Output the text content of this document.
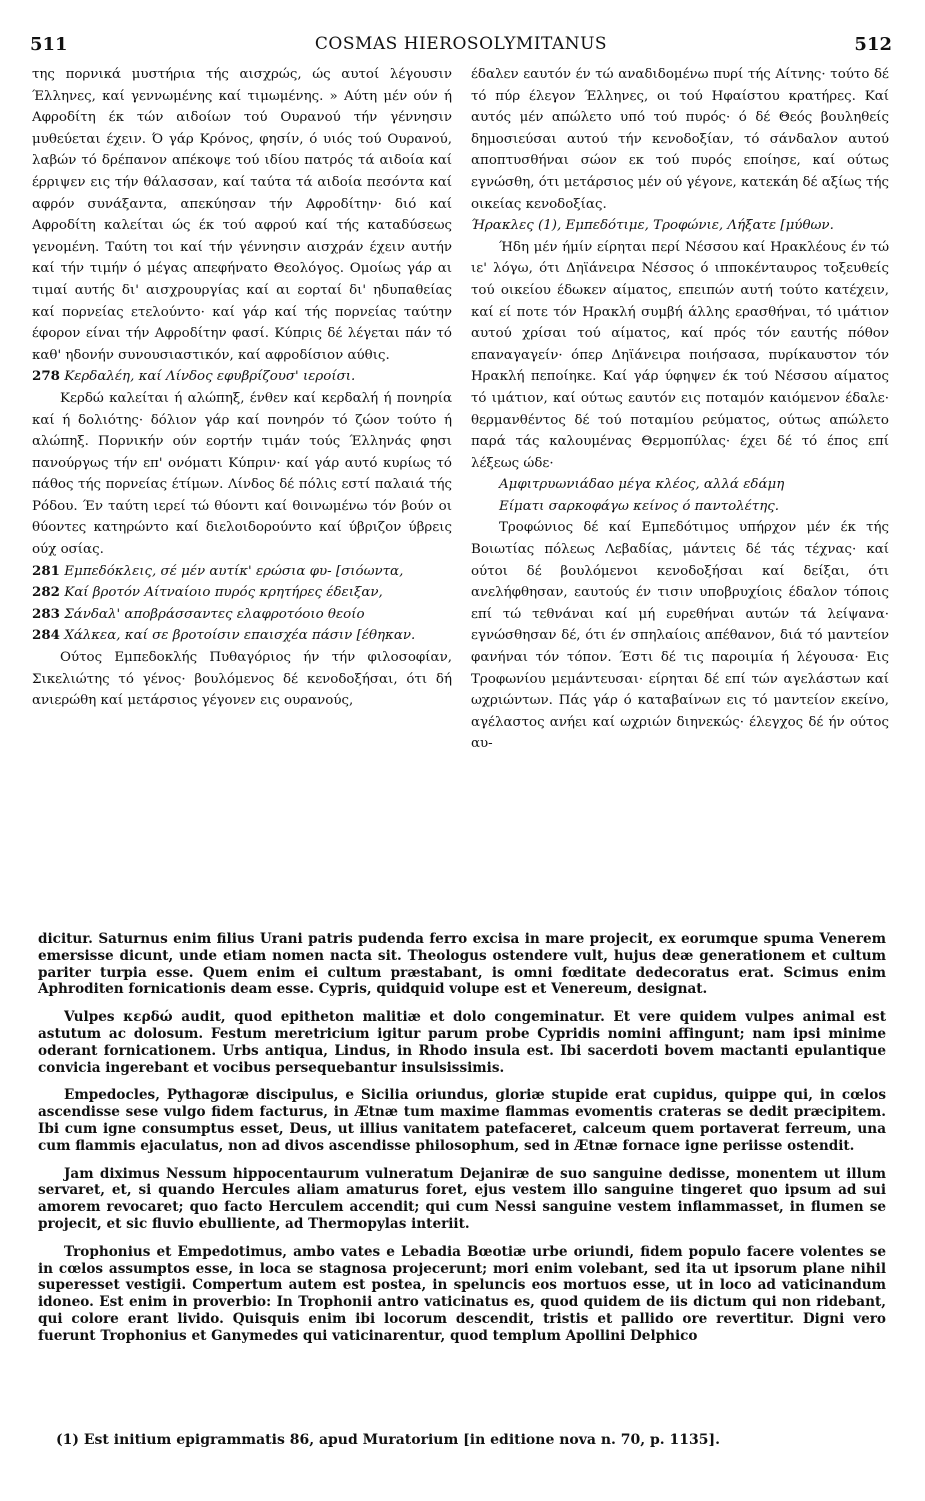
511	COSMAS HIEROSOLYMITANUS	512

της πορνικά μυστήρια τής αισχρώς, ώς αυτοί λέγουσιν Έλληνες, καί γεννωμένης καί τιμωμένης. » Αύτη μέν ούν ή Αφροδίτη έκ τών αιδοίων τού Ουρανού τήν γέννησιν μυθεύεται έχειν. Ό γάρ Κρόνος, φησίν, ό υιός τού Ουρανού, λαβών τό δρέπανον απέκοψε τού ιδίου πατρός τά αιδοία καί έρριψεν εις τήν θάλασσαν, καί ταύτα τά αιδοία πεσόντα καί αφρόν συνάξαντα, απεκύησαν τήν Αφροδίτην· διό καί Αφροδίτη καλείται ώς έκ τού αφρού καί τής καταδύσεως γενομένη. Ταύτη τοι καί τήν γέννησιν αισχράν έχειν αυτήν καί τήν τιμήν ό μέγας απεφήνατο Θεολόγος. Ομοίως γάρ αι τιμαί αυτής δι' αισχρουργίας καί αι εορταί δι' ηδυπαθείας καί πορνείας ετελούντο· καί γάρ καί τής πορνείας ταύτην έφορον είναι τήν Αφροδίτην φασί. Κύπρις δέ λέγεται πάν τό καθ' ηδονήν συνουσιαστικόν, καί αφροδίσιον αύθις.

278 Κερδαλέη, καί Λίνδος εφυβρίζουσ' ιεροίσι.

Κερδώ καλείται ή αλώπηξ, ένθεν καί κερδαλή ή πονηρία καί ή δολιότης· δόλιον γάρ καί πονηρόν τό ζώον τούτο ή αλώπηξ. Πορνικήν ούν εορτήν τιμάν τούς Έλληνάς φησι πανούργως τήν επ' ονόματι Κύπριν· καί γάρ αυτό κυρίως τό πάθος τής πορνείας έτίμων. Λίνδος δέ πόλις εστί παλαιά τής Ρόδου. Έν ταύτη ιερεί τώ θύοντι καί θοινωμένω τόν βούν οι θύοντες κατηρώντο καί διελοιδορούντο καί ύβριζον ύβρεις ούχ οσίας.

281 Εμπεδόκλεις, σέ μέν αυτίκ' ερώσια φυ- [σιόωντα,

282 Καί βροτόν Αίτναίοιο πυρός κρητήρες έδειξαν,

283 Σάνδαλ' αποβράσσαντες ελαφροτόοιο θεοίο

284 Χάλκεα, καί σε βροτοίσιν επαισχέα πάσιν [έθηκαν.

Ούτος Εμπεδοκλής Πυθαγόριος ήν τήν φιλοσοφίαν, Σικελιώτης τό γένος· βουλόμενος δέ κενοδοξήσαι, ότι δή ανιερώθη καί μετάρσιος γέγονεν εις ουρανούς,

έδαλεν εαυτόν έν τώ αναδιδομένω πυρί τής Αίτνης· τούτο δέ τό πύρ έλεγον Έλληνες, οι τού Ηφαίστου κρατήρες. Καί αυτός μέν απώλετο υπό τού πυρός· ό δέ Θεός βουληθείς δημοσιεύσαι αυτού τήν κενοδοξίαν, τό σάνδαλον αυτού αποπτυσθήναι σώον εκ τού πυρός εποίησε, καί ούτως εγνώσθη, ότι μετάρσιος μέν ού γέγονε, κατεκάη δέ αξίως τής οικείας κενοδοξίας.

Ήρακλες (1), Εμπεδότιμε, Τροφώνιε, Λήξατε [μύθων.

Ήδη μέν ήμίν είρηται περί Νέσσου καί Ηρακλέους έν τώ ιε' λόγω, ότι Δηϊάνειρα Νέσσος ό ιπποκένταυρος τοξευθείς τού οικείου έδωκεν αίματος, επειπών αυτή τούτο κατέχειν, καί εί ποτε τόν Ηρακλή συμβή άλλης ερασθήναι, τό ιμάτιον αυτού χρίσαι τού αίματος, καί πρός τόν εαυτής πόθον επαναγαγείν· όπερ Δηϊάνειρα ποιήσασα, πυρίκαυστον τόν Ηρακλή πεποίηκε. Καί γάρ ύφηψεν έκ τού Νέσσου αίματος τό ιμάτιον, καί ούτως εαυτόν εις ποταμόν καιόμενον έδαλε· θερμανθέντος δέ τού ποταμίου ρεύματος, ούτως απώλετο παρά τάς καλουμένας Θερμοπύλας· έχει δέ τό έπος επί λέξεως ώδε·

Αμφιτρυωνιάδαο μέγα κλέος, αλλά εδάμη

Είματι σαρκοφάγω κείνος ό παντολέτης.

Τροφώνιος δέ καί Εμπεδότιμος υπήρχον μέν έκ τής Βοιωτίας πόλεως Λεβαδίας, μάντεις δέ τάς τέχνας· καί ούτοι δέ βουλόμενοι κενοδοξήσαι καί δείξαι, ότι ανελήφθησαν, εαυτούς έν τισιν υποβρυχίοις έδαλον τόποις επί τώ τεθνάναι καί μή ευρεθήναι αυτών τά λείψανα· εγνώσθησαν δέ, ότι έν σπηλαίοις απέθανον, διά τό μαντείον φανήναι τόν τόπον. Έστι δέ τις παροιμία ή λέγουσα· Εις Τροφωνίου μεμάντευσαι· είρηται δέ επί τών αγελάστων καί ωχριώντων. Πάς γάρ ό καταβαίνων εις τό μαντείον εκείνο, αγέλαστος ανήει καί ωχριών διηνεκώς· έλεγχος δέ ήν ούτος αυ-

dicitur. Saturnus enim filius Urani patris pudenda ferro excisa in mare projecit, ex eorumque spuma Venerem emersisse dicunt, unde etiam nomen nacta sit. Theologus ostendere vult, hujus deæ generationem et cultum pariter turpia esse. Quem enim ei cultum præstabant, is omni fœditate dedecoratus erat. Scimus enim Aphroditen fornicationis deam esse. Cypris, quidquid volupe est et Venereum, designat.

Vulpes κερδώ audit, quod epitheton malitiæ et dolo congeminatur. Et vere quidem vulpes animal est astutum ac dolosum. Festum meretricium igitur parum probe Cypridis nomini affingunt; nam ipsi minime oderant fornicationem. Urbs antiqua, Lindus, in Rhodo insula est. Ibi sacerdoti bovem mactanti epulantique convicia ingerebant et vocibus persequebantur insulsissimis.

Empedocles, Pythagoræ discipulus, e Sicilia oriundus, gloriæ stupide erat cupidus, quippe qui, in cœlos ascendisse sese vulgo fidem facturus, in Ætnæ tum maxime flammas evomentis crateras se dedit præcipitem. Ibi cum igne consumptus esset, Deus, ut illius vanitatem patefaceret, calceum quem portaverat ferreum, una cum flammis ejaculatus, non ad divos ascendisse philosophum, sed in Ætnæ fornace igne periisse ostendit.

Jam diximus Nessum hippocentaurum vulneratum Dejaniræ de suo sanguine dedisse, monentem ut illum servaret, et, si quando Hercules aliam amaturus foret, ejus vestem illo sanguine tingeret quo ipsum ad sui amorem revocaret; quo facto Herculem accendit; qui cum Nessi sanguine vestem inflammasset, in flumen se projecit, et sic fluvio ebulliente, ad Thermopylas interiit.

Trophonius et Empedotimus, ambo vates e Lebadia Bœotiæ urbe oriundi, fidem populo facere volentes se in cœlos assumptos esse, in loca se stagnosa projecerunt; mori enim volebant, sed ita ut ipsorum plane nihil superesset vestigii. Compertum autem est postea, in speluncis eos mortuos esse, ut in loco ad vaticinandum idoneo. Est enim in proverbio: In Trophonii antro vaticinatus es, quod quidem de iis dictum qui non ridebant, qui colore erant livido. Quisquis enim ibi locorum descendit, tristis et pallido ore revertitur. Digni vero fuerunt Trophonius et Ganymedes qui vaticinarentur, quod templum Apollini Delphico

(1) Est initium epigrammatis 86, apud Muratorium [in editione nova n. 70, p. 1135].
